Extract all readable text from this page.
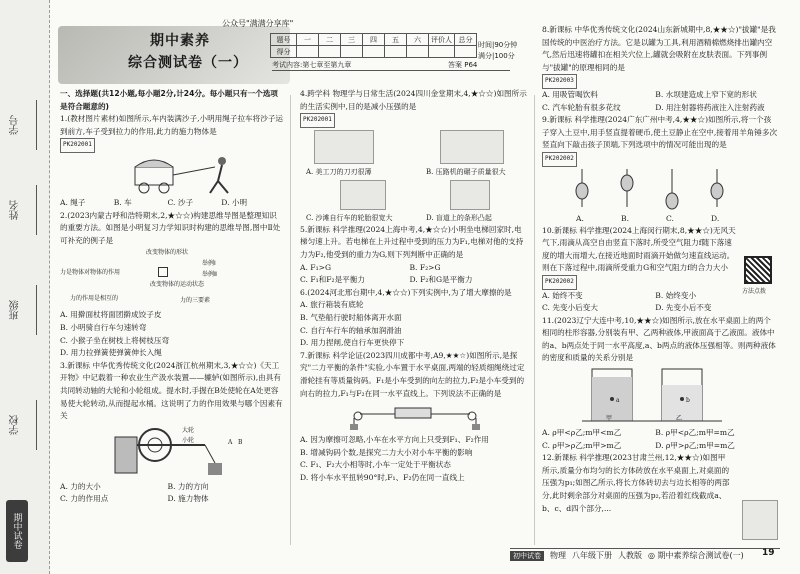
学号
姓名
班级
学校
期中试卷
公众号"满满分享库"
期中素养
综合测试卷（一）
题号	一	二	三	四	五	六	评价人	总分
得分								
时间|90分钟
满分|100分
考试内容:第七章至第九章	答案 P64

一、选择题(共12小题,每小题2分,计24分。每小题只有一个选项是符合题意的)

1.(教材图片素材)如图所示,车内装满沙子,小明用绳子拉车将沙子运到前方,车子受到拉力的作用,此力的施力物体是

PK202001

A. 绳子	B. 车	C. 沙子	D. 小明

2.(2023内蒙古呼和浩特期末,2,★☆☆)构建思维导图是整理知识的重要方法。如图是小明复习力学知识时构建的思维导图,图中Ⅱ处可补充的例子是

改变物体的形状
举例Ⅰ
举例Ⅱ
力是物体对物体的作用
改变物体的运动状态
力的作用是相互的	力的三要素

A. 用擀面杖将面团擀成饺子皮B. 小明骑自行车匀速转弯C. 小猴子坐在树枝上将树枝压弯D. 用力拉弹簧使弹簧伸长入绳

3.新课标 中华优秀传统文化(2024浙江杭州期末,3,★☆☆)《天工开物》中记载着一种农业生产汲水装置——辘轳(如图所示),由具有共同转动轴的大轮和小轮组成。提水时,手握在B处使轮在A处更容易使大轮转动,从而提起水桶。这说明了力的作用效果与哪个因素有关

大轮
小轮	A B

A. 力的大小	B. 力的方向C. 力的作用点	D. 施力物体

4.跨学科 物理学与日常生活(2024四川金堂期末,4,★☆☆)如图所示的生活实例中,目的是减小压强的是

PK202001

A. 美工刀的刀刃很薄	B. 压路机的碾子质量很大
C. 沙滩自行车的轮胎很宽大	D. 盲道上的条形凸起

5.新课标 科学推理(2024上海中考,4,★☆☆)小明坐电梯回家时,电梯匀速上升。若电梯在上升过程中受到的压力为F₁,电梯对他的支持力为F₂,他受到的重力为G,则下列判断中正确的是

A. F₁>G	B. F₂>GC. F₁和F₂是平衡力	D. F₂和G是平衡力

6.(2024河北邢台期中,4,★☆☆)下列实例中,为了增大摩擦的是

A. 旅行箱装有底轮B. 气垫船行驶时船体离开水面C. 自行车行车的轴承加润滑油D. 用力捏闸,使自行车更快停下

7.新课标 科学论证(2023四川成都中考,A9,★★☆)如图所示,是探究"二力平衡的条件"实验,小车置于水平桌面,两端的轻质细绳绕过定滑轮挂有等质量钩码。F₁是小车受到的向左的拉力,F₂是小车受到的向右的拉力,F₁与F₂在同一水平直线上。下列说法不正确的是

A. 因为摩擦可忽略,小车在水平方向上只受到F₁、F₂作用B. 增减钩码个数,是探究二力大小对小车平衡的影响C. F₁、F₂大小相等时,小车一定处于平衡状态D. 将小车水平扭转90°时,F₁、F₂仍在同一直线上

8.新课标 中华优秀传统文化(2024山东新城期中,8,★★☆)"拔罐"是我国传统的中医治疗方法。它是以罐为工具,利用酒精棉燃烧排出罐内空气,然后迅速将罐扣在相关穴位上,罐就会吸附在皮肤表面。下列事例与"拔罐"的原理相同的是

PK202003

A. 用吸管喝饮料	B. 水坝建造成上窄下宽的形状C. 汽车轮胎有很多花纹	D. 用注射器将药液注入注射药液

9.新课标 科学推理(2024广东广州中考,4,★★☆)如图所示,将一个孩子穿入土豆中,用手竖直提着硬币,使土豆静止在空中,接着用羊角锤多次竖直向下敲击孩子顶端,下列选项中的情况可能出现的是

PK202002

A.	B.	C.	D.

10.新课标 科学推理(2024上海闵行期末,8,★★☆)无风天气下,雨滴从高空自由竖直下落时,所受空气阻力f随下落速度的增大而增大,在接近地面时雨滴开始做匀速直线运动。则在下落过程中,雨滴所受重力G和空气阻力f的合力大小

PK202002

A. 始终不变	B. 始终变小C. 先变小后变大	D. 先变小后不变

11.(2023辽宁大连中考,10,★★☆)如图所示,放在水平桌面上的两个相同的柱形容器,分别装有甲、乙两种液体,甲液面高于乙液面。液体中的a、b两点处于同一水平高度,a、b两点的液体压强相等。则两种液体的密度和质量的关系分别是

甲	乙
a	b

A. ρ甲<ρ乙;m甲<m乙	B. ρ甲<ρ乙;m甲=m乙C. ρ甲>ρ乙;m甲>m乙	D. ρ甲>ρ乙;m甲=m乙

12.新课标 科学推理(2023甘肃兰州,12,★★☆)如图甲所示,质量分布均匀的长方体砖放在水平桌面上,对桌面的压强为p₁;如图乙所示,将长方体砖切去与边长相等的两部分,此时剩余部分对桌面的压强为p₂,若沿着红线截成a、b、c、d四个部分,...

方法点拨
初中试卷	物理 八年级下册 人教版 ◎ 期中素养综合测试卷(一) 19
